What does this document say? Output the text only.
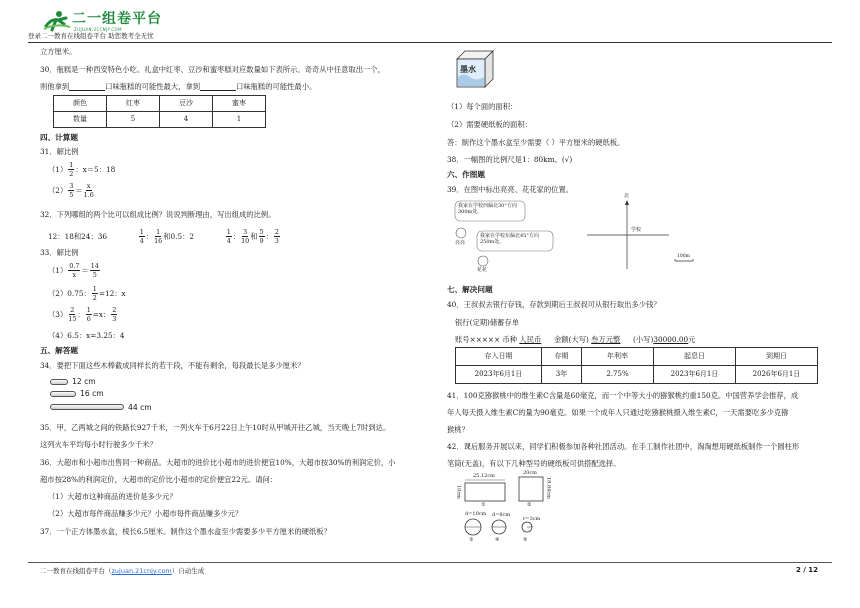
二一组卷平台
ZUJUAN.21CNJY.COM
登录二一教育在线组卷平台 助您教考全无忧
立方厘米。
30．瓶糕是一种西安特色小吃。礼盒中红枣、豆沙和蜜枣糕对应数量如下表所示。奇奇从中任意取出一个，
则他拿到	口味瓶糕的可能性最大，拿到	口味瓶糕的可能性最小。
颜色	红枣	豆沙	蜜枣
数量	5	4	1
四、计算题
31．解比例
$(1) \frac{1}{2}$ ：x＝5：18
$(2) \frac{3}{5} = \frac{x}{1.6}$
32．下列哪组的两个比可以组成比例？说说判断理由，写出组成的比例。
12：18和24：36	$\frac{1}{4}$ ： $\frac{1}{16}$ 和0.5：2	$\frac{1}{4}$ ： $\frac{3}{10}$ 和 $\frac{5}{9}$ ： $\frac{2}{3}$
33．解比例
$(1) \frac{0.7}{x} = \frac{14}{5}$
（2）0.75： $\frac{1}{2} =12$：x
$(3) \frac{2}{15}$ ： $\frac{1}{6} =x$： $\frac{2}{3}$
（4）6.5：x=3.25：4
五、解答题
34．要把下面这些木棒截成同样长的若干段，不能有剩余，每段最长是多少厘米？
12 cm
16 cm
44 cm
35．甲，乙两城之间的铁路长927千米，一列火车于6月22日上午10时从甲城开往乙城，当天晚上7时到达。
这列火车平均每小时行驶多少千米？
36．大超市和小超市出售同一种商品。大超市的进价比小超市的进价便宜10%，大超市按30%的利润定价，小
超市按28%的利润定价，大超市的定价比小超市的定价便宜22元。请问：
（1）大超市这种商品的进价是多少元？
（2）大超市每件商品赚多少元？小超市每件商品赚多少元？
37．一个正方体墨水盒，棱长6.5厘米。制作这个墨水盒至少需要多少平方厘米的硬纸板？
墨水
（1）每个面的面积：
（2）需要硬纸板的面积：
答：制作这个墨水盒至少需要（ ）平方厘米的硬纸板。
38．一幅图的比例尺是1：80km。(√)
六、作图题
39．在图中标出亮亮、花花家的位置。
我家在学校西偏北30°方向300m处。
我家在学校东偏北45°方向250m处。
亮亮
花花
北
学校
100m
七、解决问题
40．王叔叔去银行存钱，存款到期后王叔叔可从银行取出多少钱？
银行(定期)储蓄存单
账号××××× 币种 人民币 金额(大写) 叁万元整 (小写)30000.00元
存入日期	存期	年利率	起息日	到期日
2023年6月1日	3年	2.75%	2023年6月1日	2026年6月1日
41．100克猕猴桃中的维生素C含量是60毫克，而一个中等大小的猕猴桃约重150克。中国营养学会推荐，成
年人每天摄入维生素C的量为90毫克。如果一个成年人只通过吃猕猴桃摄入维生素C，一天需要吃多少克猕
猴桃？
42．课后服务开展以来，同学们积极参加各种社团活动。在手工制作社团中，淘淘想用硬纸板制作一个圆柱形
笔筒(无盖)，有以下几种型号的硬纸板可供搭配选择。
25.12cm
10cm
20cm
18.84cm
d=10cm d=8cm
r=3cm
①	②
③	④	⑤
二一教育在线组卷平台（zujuan.21cnjy.com）自动生成	2 / 12
